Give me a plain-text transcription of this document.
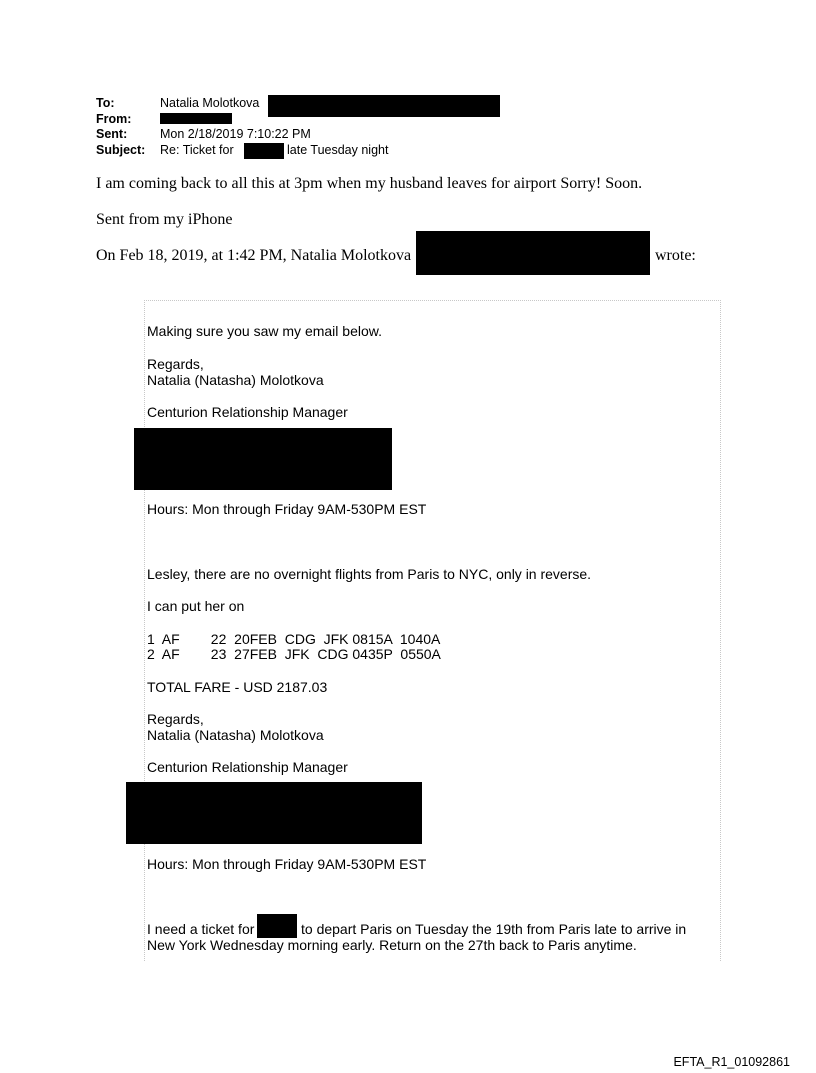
To:	Natalia Molotkova
From:
Sent:	Mon 2/18/2019 7:10:22 PM
Subject: Re: Ticket for	late Tuesday night
I am coming back to all this at 3pm when my husband leaves for airport Sorry! Soon.
Sent from my iPhone
On Feb 18, 2019, at 1:42 PM, Natalia Molotkova	wrote:
Making sure you saw my email below.
Regards,
Natalia (Natasha) Molotkova
Centurion Relationship Manager
Hours: Mon through Friday 9AM-530PM EST
Lesley, there are no overnight flights from Paris to NYC, only in reverse.
I can put her on
1  AF        22  20FEB  CDG  JFK 0815A  1040A
2  AF        23  27FEB  JFK  CDG 0435P  0550A
TOTAL FARE - USD 2187.03
Regards,
Natalia (Natasha) Molotkova
Centurion Relationship Manager
Hours: Mon through Friday 9AM-530PM EST
I need a ticket for	to depart Paris on Tuesday the 19th from Paris late to arrive in
New York Wednesday morning early. Return on the 27th back to Paris anytime.
EFTA_R1_01092861
